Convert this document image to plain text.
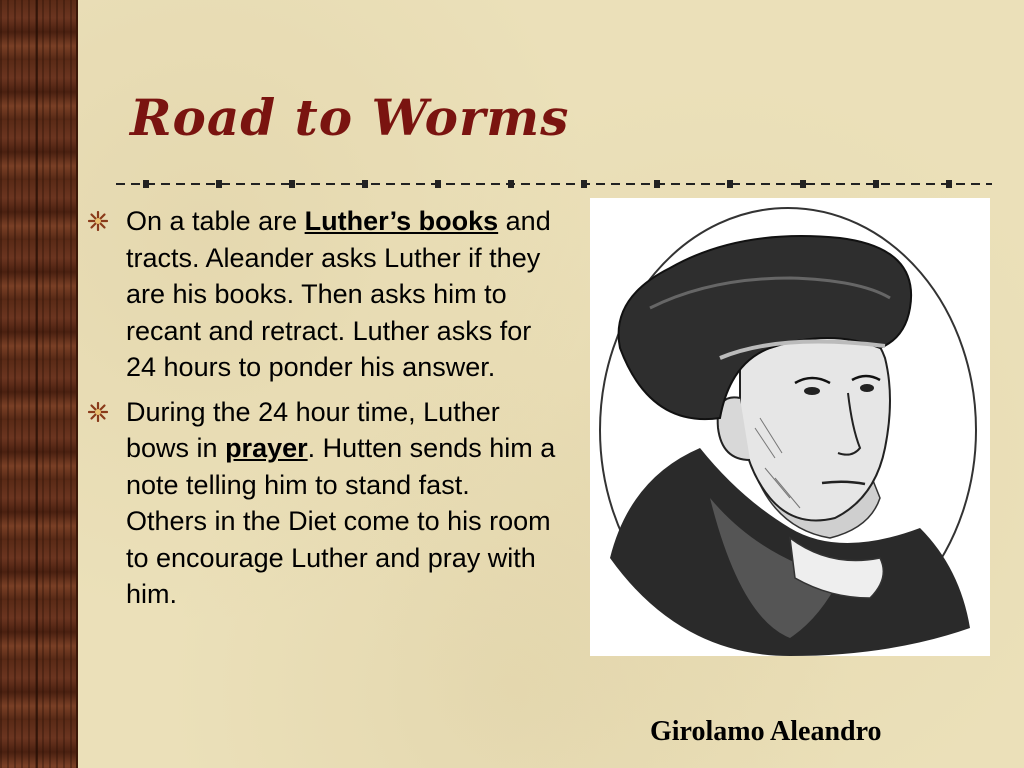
Road to Worms
On a table are Luther’s books and tracts. Aleander asks Luther if they are his books. Then asks him to recant and retract. Luther asks for 24 hours to ponder his answer.
During the 24 hour time, Luther bows in prayer. Hutten sends him a note telling him to stand fast. Others in the Diet come to his room to encourage Luther and pray with him.

Girolamo Aleandro
